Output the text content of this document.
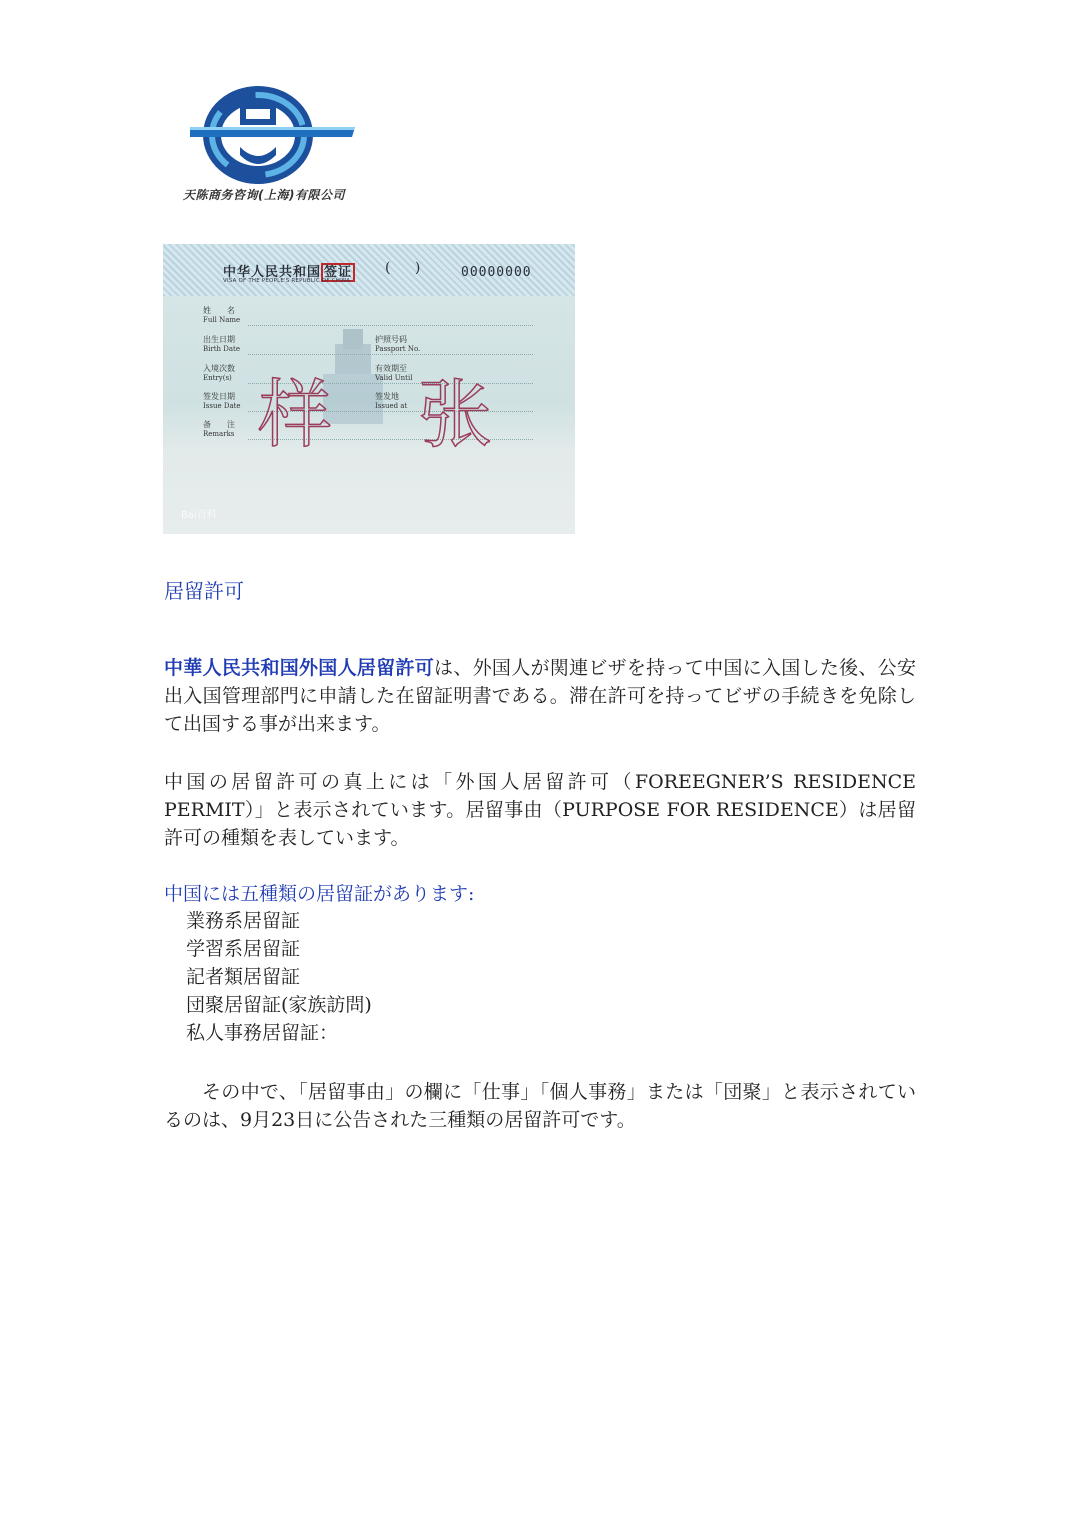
天陈商务咨询(上海)有限公司
中华人民共和国 签证 ( )
VISA OF THE PEOPLE'S REPUBLIC OF CHINA
00000000
姓　　名
Full Name
出生日期
Birth Date
护照号码
Passport No.
入境次数
Entry(s)
有效期至
Valid Until
签发日期
Issue Date
签发地
Issued at
备　　注
Remarks 样 张
Bai百科
居留許可

中華人民共和国外国人居留許可は、外国人が関連ビザを持って中国に入国した後、公安出入国管理部門に申請した在留証明書である。滞在許可を持ってビザの手続きを免除して出国する事が出来ます。

中国の居留許可の真上には「外国人居留許可（FOREEGNER’S RESIDENCE PERMIT）」と表示されています。居留事由（PURPOSE FOR RESIDENCE）は居留許可の種類を表しています。

中国には五種類の居留証があります:

業務系居留証
学習系居留証
記者類居留証
団聚居留証(家族訪問)
私人事務居留証：

その中で、「居留事由」の欄に「仕事」「個人事務」または「団聚」と表示されているのは、9月23日に公告された三種類の居留許可です。
